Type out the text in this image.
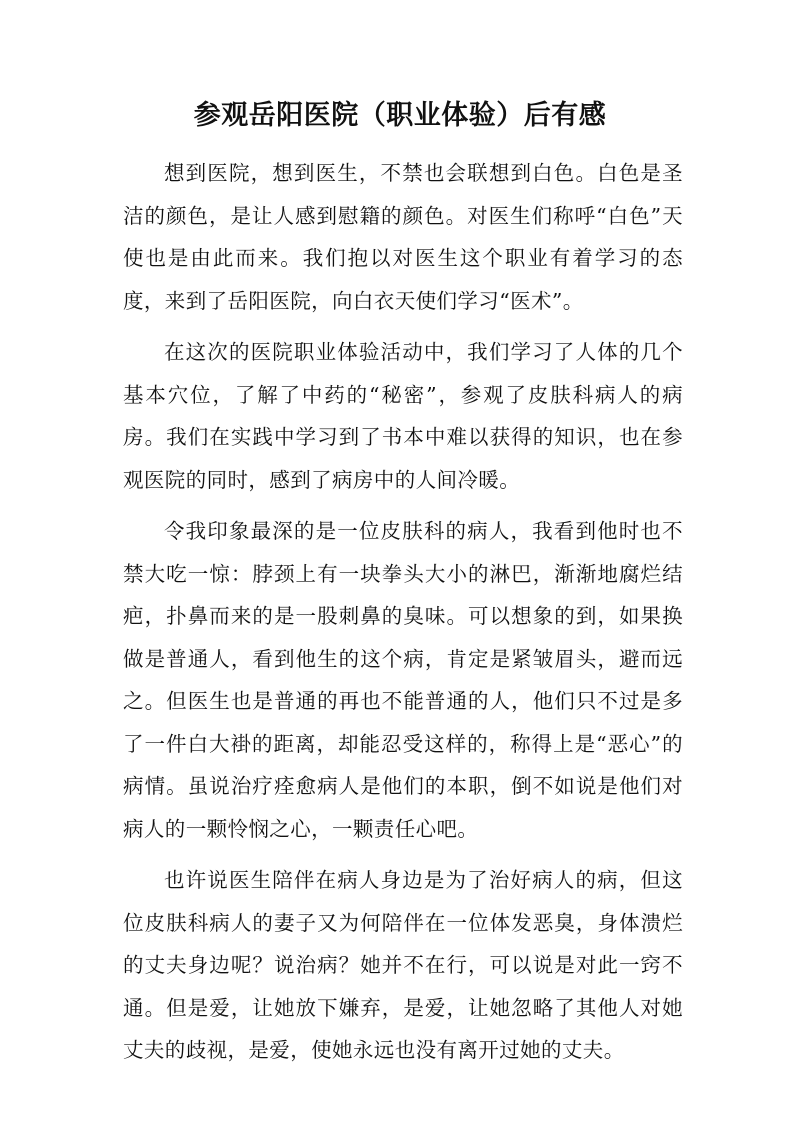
参观岳阳医院（职业体验）后有感

想到医院，想到医生，不禁也会联想到白色。白色是圣洁的颜色，是让人感到慰籍的颜色。对医生们称呼“白色”天使也是由此而来。我们抱以对医生这个职业有着学习的态度，来到了岳阳医院，向白衣天使们学习“医术”。

在这次的医院职业体验活动中，我们学习了人体的几个基本穴位，了解了中药的“秘密”，参观了皮肤科病人的病房。我们在实践中学习到了书本中难以获得的知识，也在参观医院的同时，感到了病房中的人间冷暖。

令我印象最深的是一位皮肤科的病人，我看到他时也不禁大吃一惊：脖颈上有一块拳头大小的淋巴，渐渐地腐烂结疤，扑鼻而来的是一股刺鼻的臭味。可以想象的到，如果换做是普通人，看到他生的这个病，肯定是紧皱眉头，避而远之。但医生也是普通的再也不能普通的人，他们只不过是多了一件白大褂的距离，却能忍受这样的，称得上是“恶心”的病情。虽说治疗痊愈病人是他们的本职，倒不如说是他们对病人的一颗怜悯之心，一颗责任心吧。

也许说医生陪伴在病人身边是为了治好病人的病，但这位皮肤科病人的妻子又为何陪伴在一位体发恶臭，身体溃烂的丈夫身边呢？说治病？她并不在行，可以说是对此一窍不通。但是爱，让她放下嫌弃，是爱，让她忽略了其他人对她丈夫的歧视，是爱，使她永远也没有离开过她的丈夫。
